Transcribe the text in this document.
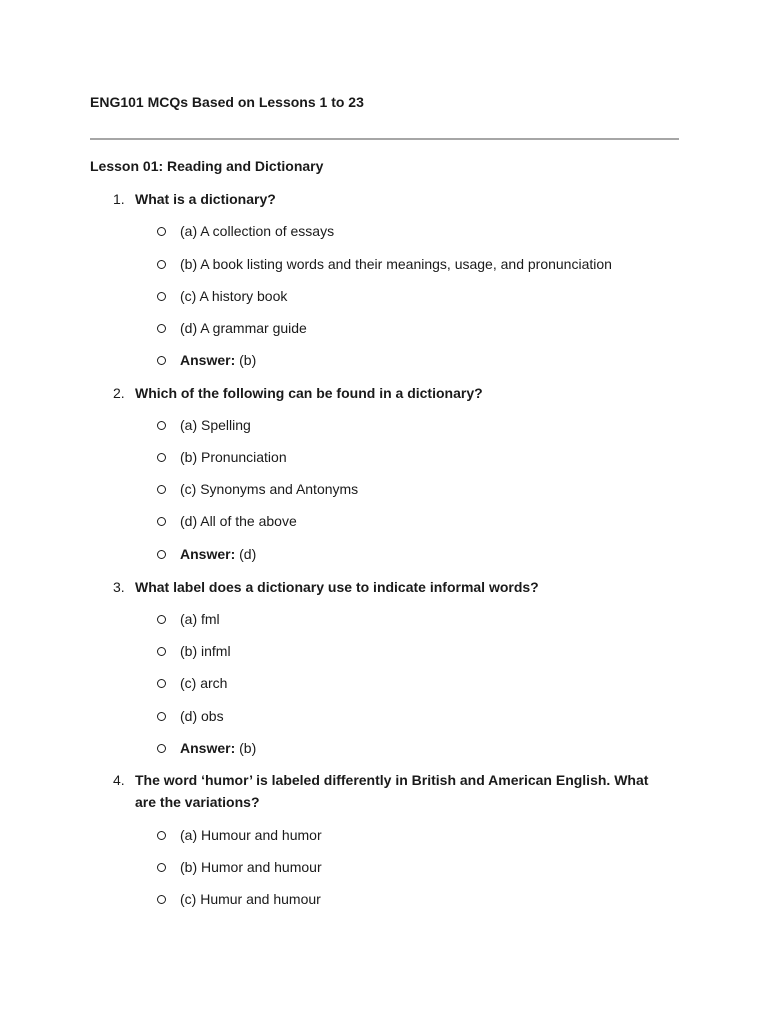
ENG101 MCQs Based on Lessons 1 to 23
Lesson 01: Reading and Dictionary
1. What is a dictionary?
(a) A collection of essays
(b) A book listing words and their meanings, usage, and pronunciation
(c) A history book
(d) A grammar guide
Answer: (b)
2. Which of the following can be found in a dictionary?
(a) Spelling
(b) Pronunciation
(c) Synonyms and Antonyms
(d) All of the above
Answer: (d)
3. What label does a dictionary use to indicate informal words?
(a) fml
(b) infml
(c) arch
(d) obs
Answer: (b)
4. The word ‘humor’ is labeled differently in British and American English. What are the variations?
(a) Humour and humor
(b) Humor and humour
(c) Humur and humour
